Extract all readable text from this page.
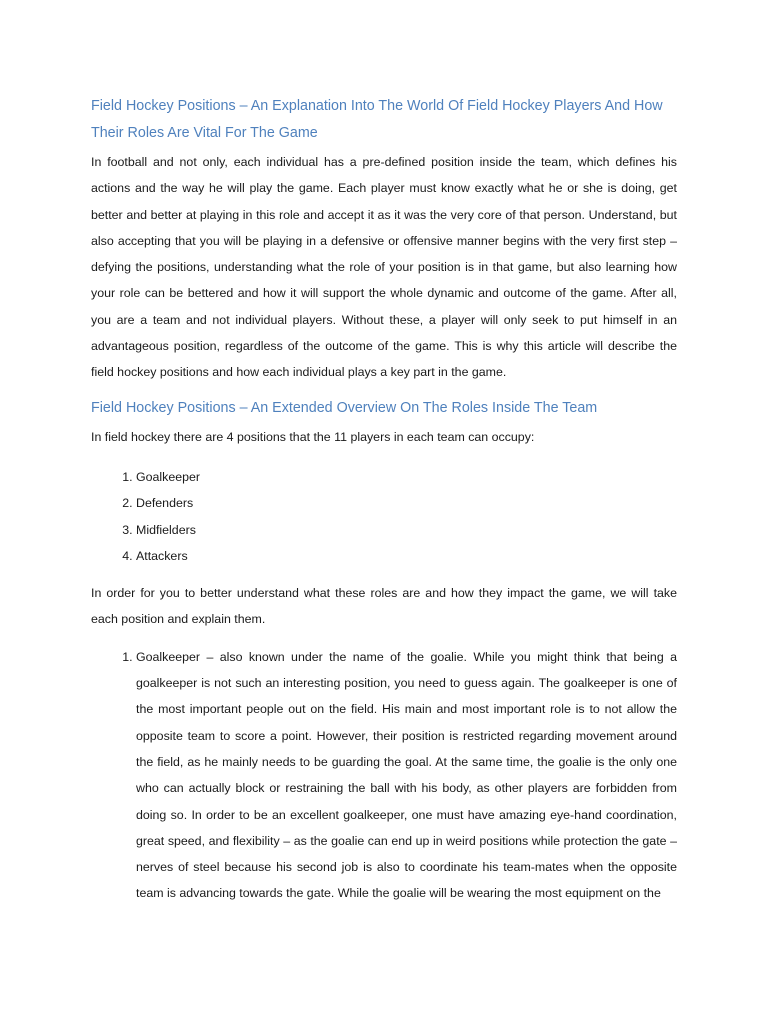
Field Hockey Positions – An Explanation Into The World Of Field Hockey Players And How Their Roles Are Vital For The Game

In football and not only, each individual has a pre-defined position inside the team, which defines his actions and the way he will play the game. Each player must know exactly what he or she is doing, get better and better at playing in this role and accept it as it was the very core of that person. Understand, but also accepting that you will be playing in a defensive or offensive manner begins with the very first step – defying the positions, understanding what the role of your position is in that game, but also learning how your role can be bettered and how it will support the whole dynamic and outcome of the game. After all, you are a team and not individual players. Without these, a player will only seek to put himself in an advantageous position, regardless of the outcome of the game. This is why this article will describe the field hockey positions and how each individual plays a key part in the game.

Field Hockey Positions – An Extended Overview On The Roles Inside The Team

In field hockey there are 4 positions that the 11 players in each team can occupy:

1. Goalkeeper
2. Defenders
3. Midfielders
4. Attackers

In order for you to better understand what these roles are and how they impact the game, we will take each position and explain them.

1. Goalkeeper – also known under the name of the goalie. While you might think that being a goalkeeper is not such an interesting position, you need to guess again. The goalkeeper is one of the most important people out on the field. His main and most important role is to not allow the opposite team to score a point. However, their position is restricted regarding movement around the field, as he mainly needs to be guarding the goal. At the same time, the goalie is the only one who can actually block or restraining the ball with his body, as other players are forbidden from doing so. In order to be an excellent goalkeeper, one must have amazing eye-hand coordination, great speed, and flexibility – as the goalie can end up in weird positions while protection the gate – nerves of steel because his second job is also to coordinate his team-mates when the opposite team is advancing towards the gate. While the goalie will be wearing the most equipment on the
